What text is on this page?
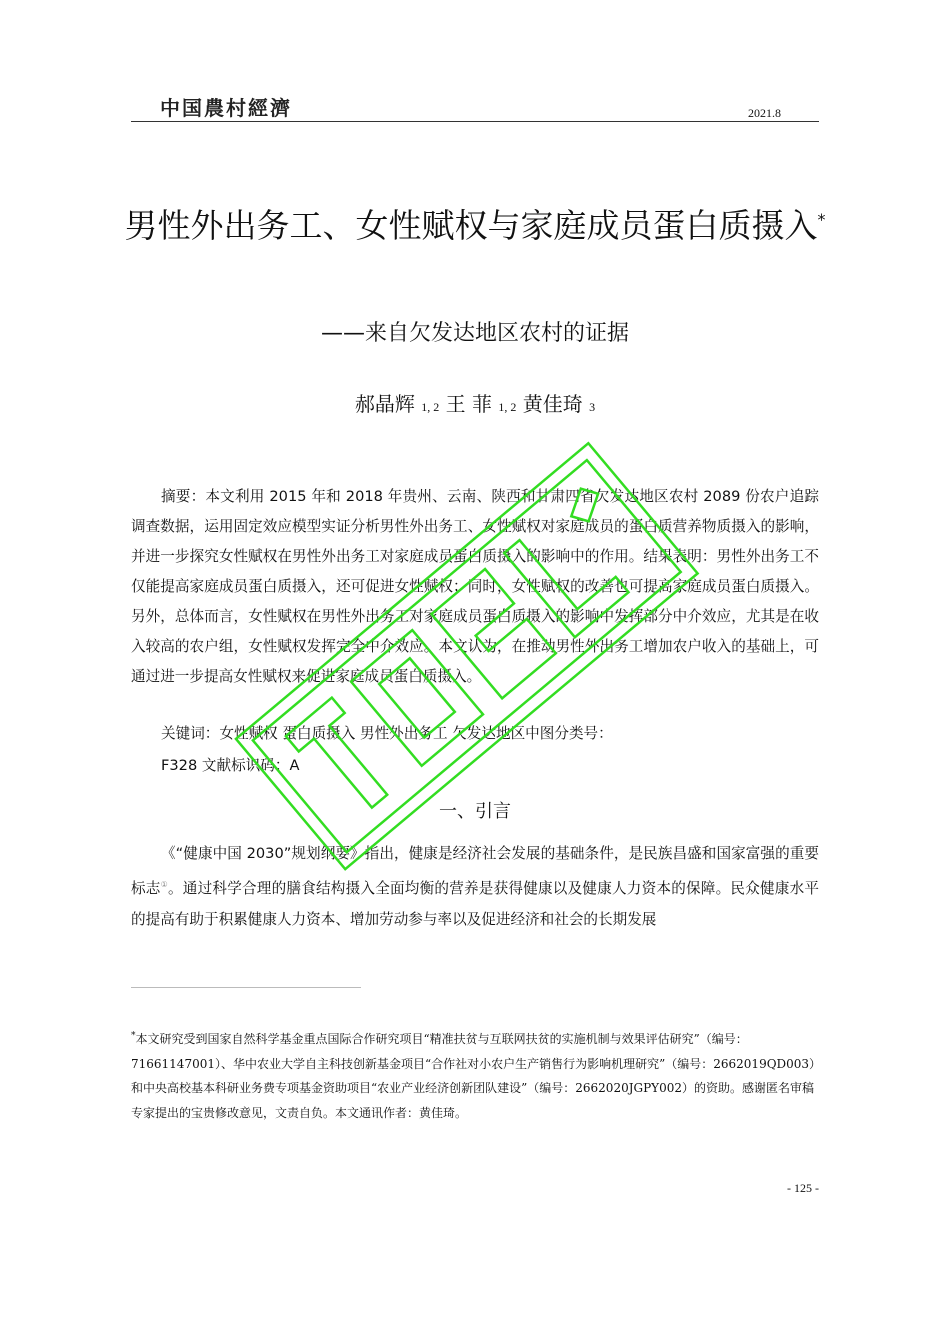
中国農村經濟	2021.8
男性外出务工、女性赋权与家庭成员蛋白质摄入*
——来自欠发达地区农村的证据
郝晶辉 1, 2 王 菲 1, 2 黄佳琦 3

摘要：本文利用 2015 年和 2018 年贵州、云南、陕西和甘肃四省欠发达地区农村 2089 份农户追踪调查数据，运用固定效应模型实证分析男性外出务工、女性赋权对家庭成员的蛋白质营养物质摄入的影响，并进一步探究女性赋权在男性外出务工对家庭成员蛋白质摄入的影响中的作用。结果表明：男性外出务工不仅能提高家庭成员蛋白质摄入，还可促进女性赋权；同时，女性赋权的改善也可提高家庭成员蛋白质摄入。另外，总体而言，女性赋权在男性外出务工对家庭成员蛋白质摄入的影响中发挥部分中介效应，尤其是在收入较高的农户组，女性赋权发挥完全中介效应。本文认为，在推动男性外出务工增加农户收入的基础上，可通过进一步提高女性赋权来促进家庭成员蛋白质摄入。

关键词：女性赋权 蛋白质摄入 男性外出务工 欠发达地区中图分类号：
F328 文献标识码：A
一、引言

《“健康中国 2030”规划纲要》指出，健康是经济社会发展的基础条件，是民族昌盛和国家富强的重要标志①。通过科学合理的膳食结构摄入全面均衡的营养是获得健康以及健康人力资本的保障。民众健康水平的提高有助于积累健康人力资本、增加劳动参与率以及促进经济和社会的长期发展

*本文研究受到国家自然科学基金重点国际合作研究项目“精准扶贫与互联网扶贫的实施机制与效果评估研究”（编号：71661147001）、华中农业大学自主科技创新基金项目“合作社对小农户生产销售行为影响机理研究”（编号：2662019QD003）和中央高校基本科研业务费专项基金资助项目“农业产业经济创新团队建设”（编号：2662020JGPY002）的资助。感谢匿名审稿专家提出的宝贵修改意见，文责自负。本文通讯作者：黄佳琦。

- 125 -
